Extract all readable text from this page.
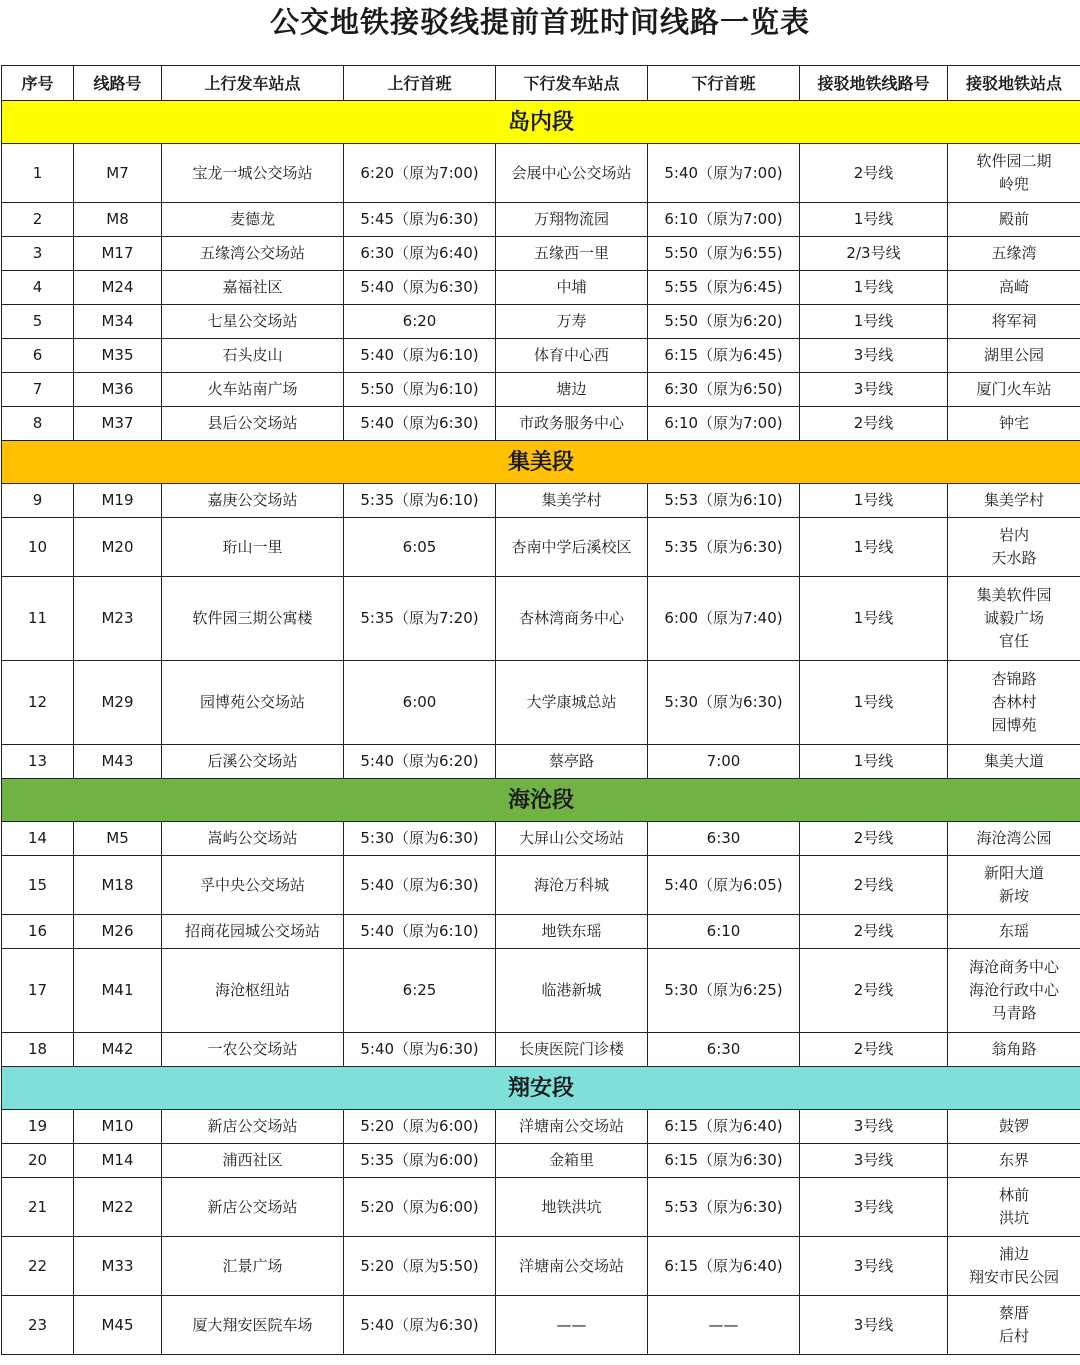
公交地铁接驳线提前首班时间线路一览表
序号	线路号	上行发车站点	上行首班	下行发车站点	下行首班	接驳地铁线路号	接驳地铁站点
岛内段							
1	M7	宝龙一城公交场站	6:20（原为7:00)	会展中心公交场站	5:40（原为7:00)	2号线	软件园二期
岭兜

2	M8	麦德龙	5:45（原为6:30)	万翔物流园	6:10（原为7:00)	1号线	殿前

3	M17	五缘湾公交场站	6:30（原为6:40)	五缘西一里	5:50（原为6:55)	2/3号线	五缘湾

4	M24	嘉福社区	5:40（原为6:30)	中埔	5:55（原为6:45)	1号线	高崎

5	M34	七星公交场站	6:20	万寿	5:50（原为6:20)	1号线	将军祠

6	M35	石头皮山	5:40（原为6:10)	体育中心西	6:15（原为6:45)	3号线	湖里公园

7	M36	火车站南广场	5:50（原为6:10)	塘边	6:30（原为6:50)	3号线	厦门火车站

8	M37	县后公交场站	5:40（原为6:30)	市政务服务中心	6:10（原为7:00)	2号线	钟宅

集美段							
9	M19	嘉庚公交场站	5:35（原为6:10)	集美学村	5:53（原为6:10)	1号线	集美学村

10	M20	珩山一里	6:05	杏南中学后溪校区	5:35（原为6:30)	1号线	岩内
天水路

11	M23	软件园三期公寓楼	5:35（原为7:20)	杏林湾商务中心	6:00（原为7:40)	1号线	集美软件园
诚毅广场
官任

12	M29	园博苑公交场站	6:00	大学康城总站	5:30（原为6:30)	1号线	杏锦路
杏林村
园博苑

13	M43	后溪公交场站	5:40（原为6:20)	蔡亭路	7:00	1号线	集美大道

海沧段							
14	M5	嵩屿公交场站	5:30（原为6:30)	大屏山公交场站	6:30	2号线	海沧湾公园

15	M18	孚中央公交场站	5:40（原为6:30)	海沧万科城	5:40（原为6:05)	2号线	新阳大道
新垵

16	M26	招商花园城公交场站	5:40（原为6:10)	地铁东瑶	6:10	2号线	东瑶

17	M41	海沧枢纽站	6:25	临港新城	5:30（原为6:25)	2号线	海沧商务中心
海沧行政中心
马青路

18	M42	一农公交场站	5:40（原为6:30)	长庚医院门诊楼	6:30	2号线	翁角路

翔安段							
19	M10	新店公交场站	5:20（原为6:00)	洋塘南公交场站	6:15（原为6:40)	3号线	鼓锣

20	M14	浦西社区	5:35（原为6:00)	金箱里	6:15（原为6:30)	3号线	东界

21	M22	新店公交场站	5:20（原为6:00)	地铁洪坑	5:53（原为6:30)	3号线	林前
洪坑

22	M33	汇景广场	5:20（原为5:50)	洋塘南公交场站	6:15（原为6:40)	3号线	浦边
翔安市民公园

23	M45	厦大翔安医院车场	5:40（原为6:30)	——	——	3号线	蔡厝
后村
